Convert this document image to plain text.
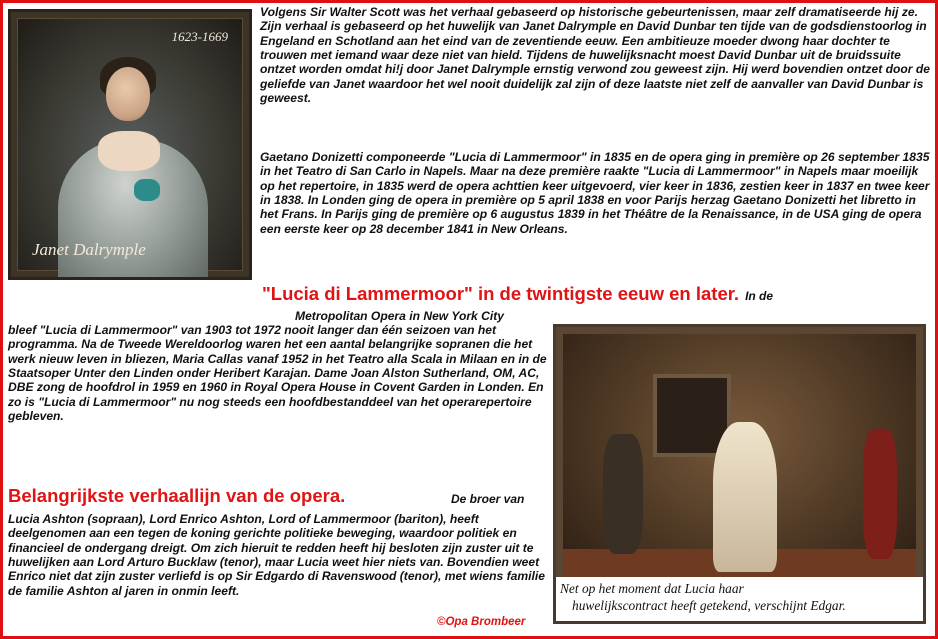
1623-1669
Janet Dalrymple

Volgens Sir Walter Scott was het verhaal gebaseerd op historische gebeurtenissen, maar zelf dramatiseerde hij ze. Zijn verhaal is gebaseerd op het huwelijk van Janet Dalrymple en David Dunbar ten tijde van de godsdienstoorlog in Engeland en Schotland aan het eind van de zeventiende eeuw. Een ambitieuze moeder dwong haar dochter te trouwen met iemand waar deze niet van hield. Tijdens de huwelijksnacht moest David Dunbar uit de bruidssuite ontzet worden omdat hi!j door Janet Dalrymple ernstig verwond zou geweest zijn. Hij werd bovendien ontzet door de geliefde van Janet waardoor het wel nooit duidelijk zal zijn of deze laatste niet zelf de aanvaller van David Dunbar is geweest.

Gaetano Donizetti componeerde "Lucia di Lammermoor" in 1835 en de opera ging in première op 26 september 1835 in het Teatro di San Carlo in Napels. Maar na deze première raakte "Lucia di Lammermoor" in Napels maar moeilijk op het repertoire, in 1835 werd de opera achttien keer uitgevoerd, vier keer in 1836, zestien keer in 1837 en twee keer in 1838. In Londen ging de opera in première op 5 april 1838 en voor Parijs herzag Gaetano Donizetti het libretto in het Frans. In Parijs ging de première op 6 augustus 1839 in het Théâtre de la Renaissance, in de USA ging de opera een eerste keer op 28 december 1841 in New Orleans.

"Lucia di Lammermoor" in de twintigste eeuw en later. In de

Metropolitan Opera in New York City

bleef "Lucia di Lammermoor" van 1903 tot 1972 nooit langer dan één seizoen van het programma. Na de Tweede Wereldoorlog waren het een aantal belangrijke sopranen die het werk nieuw leven in bliezen, Maria Callas vanaf 1952 in het Teatro alla Scala in Milaan en in de Staatsoper Unter den Linden onder Heribert Karajan. Dame Joan Alston Sutherland, OM, AC, DBE zong de hoofdrol in 1959 en 1960 in Royal Opera House in Covent Garden in Londen. En zo is "Lucia di Lammermoor" nu nog steeds een hoofdbestanddeel van het operarepertoire gebleven.

Belangrijkste verhaallijn van de opera.	De broer van

Lucia Ashton (sopraan), Lord Enrico Ashton, Lord of Lammermoor (bariton), heeft deelgenomen aan een tegen de koning gerichte politieke beweging, waardoor politiek en financieel de ondergang dreigt. Om zich hieruit te redden heeft hij besloten zijn zuster uit te huwelijken aan Lord Arturo Bucklaw (tenor), maar Lucia weet hier niets van. Bovendien weet Enrico niet dat zijn zuster verliefd is op Sir Edgardo di Ravenswood (tenor), met wiens familie de familie Ashton al jaren in onmin leeft.	Net op het moment dat Lucia haar
huwelijkscontract heeft getekend, verschijnt Edgar.
©Opa Brombeer
